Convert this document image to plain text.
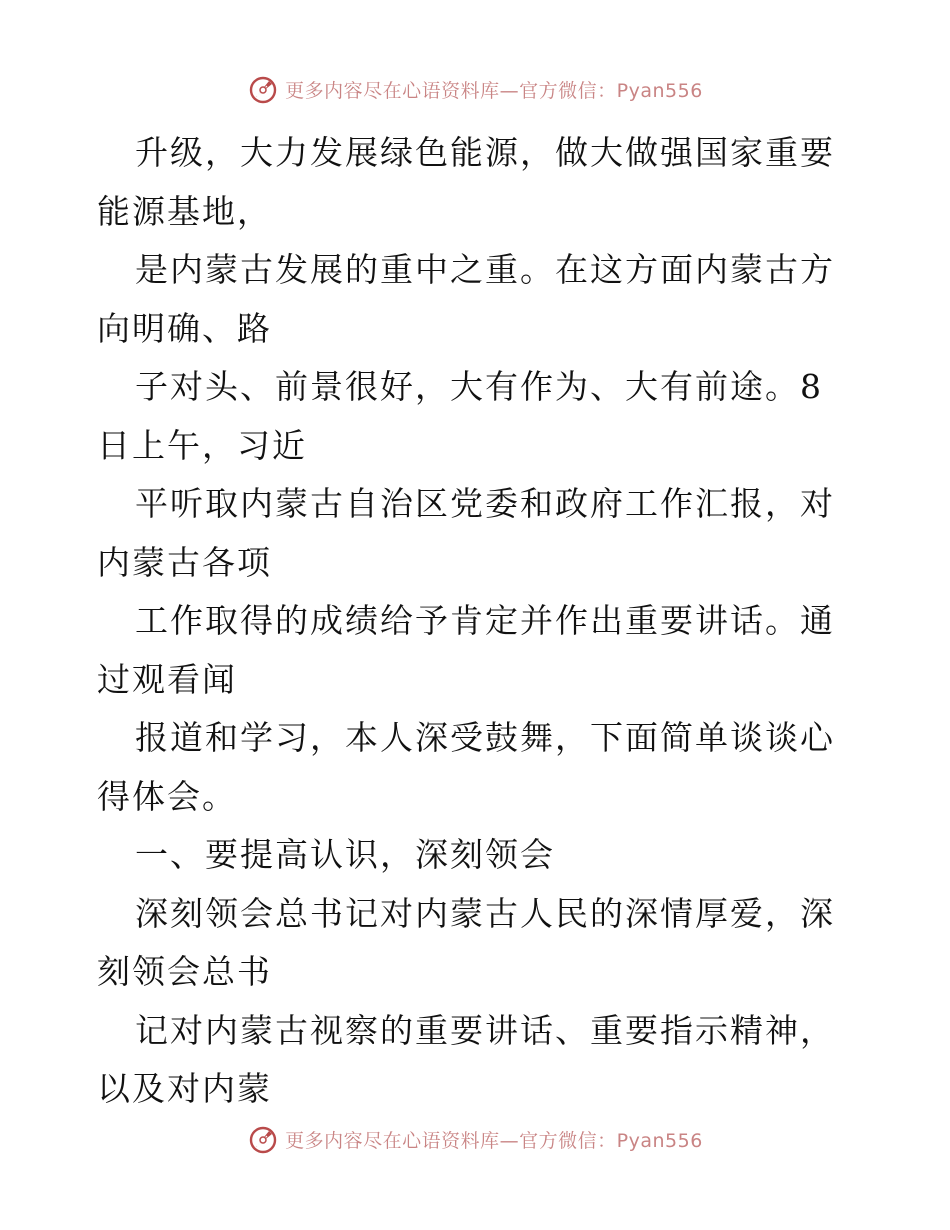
更多内容尽在心语资料库—官方微信：Pyan556

升级，大力发展绿色能源，做大做强国家重要能源基地，

是内蒙古发展的重中之重。在这方面内蒙古方向明确、路

子对头、前景很好，大有作为、大有前途。8日上午，习近

平听取内蒙古自治区党委和政府工作汇报，对内蒙古各项

工作取得的成绩给予肯定并作出重要讲话。通过观看闻

报道和学习，本人深受鼓舞，下面简单谈谈心得体会。

一、要提高认识，深刻领会

深刻领会总书记对内蒙古人民的深情厚爱，深刻领会总书

记对内蒙古视察的重要讲话、重要指示精神，以及对内蒙

更多内容尽在心语资料库—官方微信：Pyan556
